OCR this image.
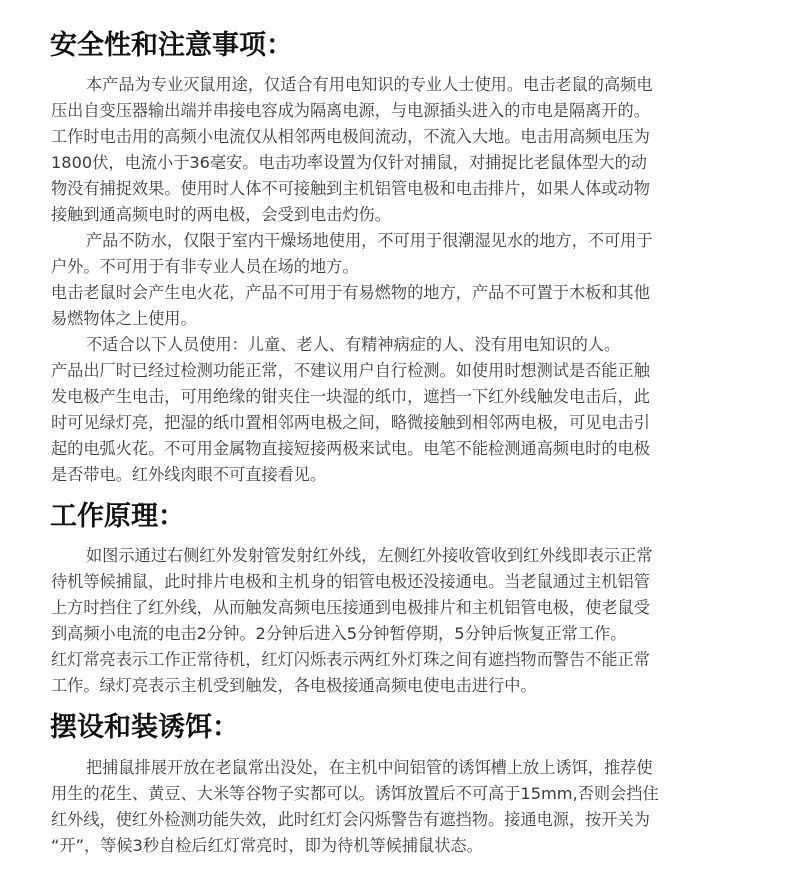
安全性和注意事项：
本产品为专业灭鼠用途，仅适合有用电知识的专业人士使用。电击老鼠的高频电
压出自变压器输出端并串接电容成为隔离电源，与电源插头进入的市电是隔离开的。
工作时电击用的高频小电流仅从相邻两电极间流动，不流入大地。电击用高频电压为
1800伏，电流小于36毫安。电击功率设置为仅针对捕鼠，对捕捉比老鼠体型大的动
物没有捕捉效果。使用时人体不可接触到主机铝管电极和电击排片，如果人体或动物
接触到通高频电时的两电极，会受到电击灼伤。
产品不防水，仅限于室内干燥场地使用，不可用于很潮湿见水的地方，不可用于
户外。不可用于有非专业人员在场的地方。
电击老鼠时会产生电火花，产品不可用于有易燃物的地方，产品不可置于木板和其他
易燃物体之上使用。
不适合以下人员使用：儿童、老人、有精神病症的人、没有用电知识的人。
产品出厂时已经过检测功能正常，不建议用户自行检测。如使用时想测试是否能正触
发电极产生电击，可用绝缘的钳夹住一块湿的纸巾，遮挡一下红外线触发电击后，此
时可见绿灯亮，把湿的纸巾置相邻两电极之间，略微接触到相邻两电极，可见电击引
起的电弧火花。不可用金属物直接短接两极来试电。电笔不能检测通高频电时的电极
是否带电。红外线肉眼不可直接看见。
工作原理：
如图示通过右侧红外发射管发射红外线，左侧红外接收管收到红外线即表示正常
待机等候捕鼠，此时排片电极和主机身的铝管电极还没接通电。当老鼠通过主机铝管
上方时挡住了红外线，从而触发高频电压接通到电极排片和主机铝管电极，使老鼠受
到高频小电流的电击2分钟。2分钟后进入5分钟暂停期，5分钟后恢复正常工作。
红灯常亮表示工作正常待机，红灯闪烁表示两红外灯珠之间有遮挡物而警告不能正常
工作。绿灯亮表示主机受到触发，各电极接通高频电使电击进行中。
摆设和装诱饵：
把捕鼠排展开放在老鼠常出没处，在主机中间铝管的诱饵槽上放上诱饵，推荐使
用生的花生、黄豆、大米等谷物子实都可以。诱饵放置后不可高于15mm,否则会挡住
红外线，使红外检测功能失效，此时红灯会闪烁警告有遮挡物。接通电源，按开关为
“开”，等候3秒自检后红灯常亮时，即为待机等候捕鼠状态。
